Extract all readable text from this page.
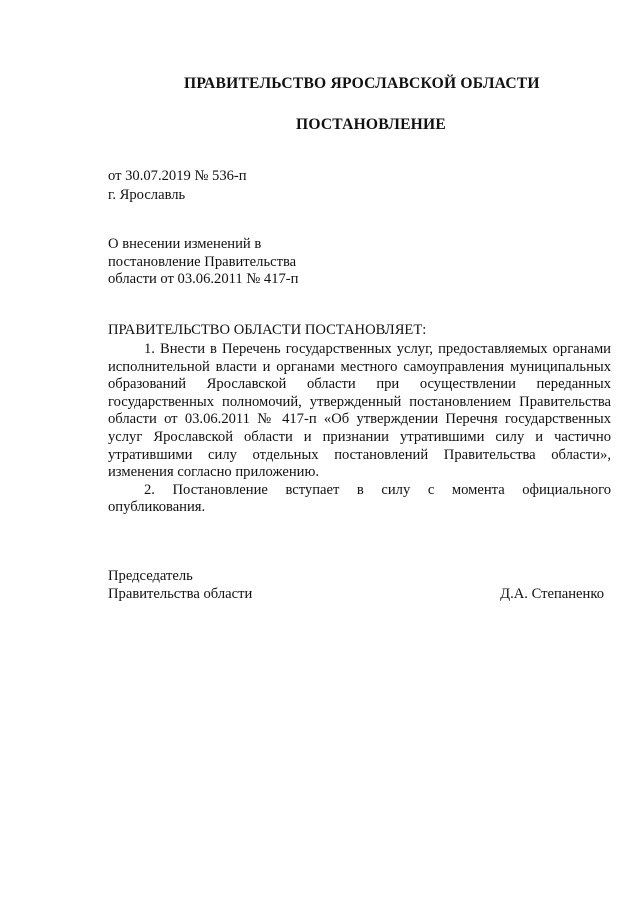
ПРАВИТЕЛЬСТВО ЯРОСЛАВСКОЙ ОБЛАСТИ
ПОСТАНОВЛЕНИЕ
от 30.07.2019 № 536-п
г. Ярославль
О внесении изменений в
постановление Правительства
области от 03.06.2011 № 417-п
ПРАВИТЕЛЬСТВО ОБЛАСТИ ПОСТАНОВЛЯЕТ:

1. Внести в Перечень государственных услуг, предоставляемых органами исполнительной власти и органами местного самоуправления муниципальных образований Ярославской области при осуществлении переданных государственных полномочий, утвержденный постановлением Правительства области от 03.06.2011 № 417-п «Об утверждении Перечня государственных услуг Ярославской области и признании утратившими силу и частично утратившими силу отдельных постановлений Правительства области», изменения согласно приложению.

2. Постановление вступает в силу с момента официального опубликования.

Председатель
Правительства области	Д.А. Степаненко
